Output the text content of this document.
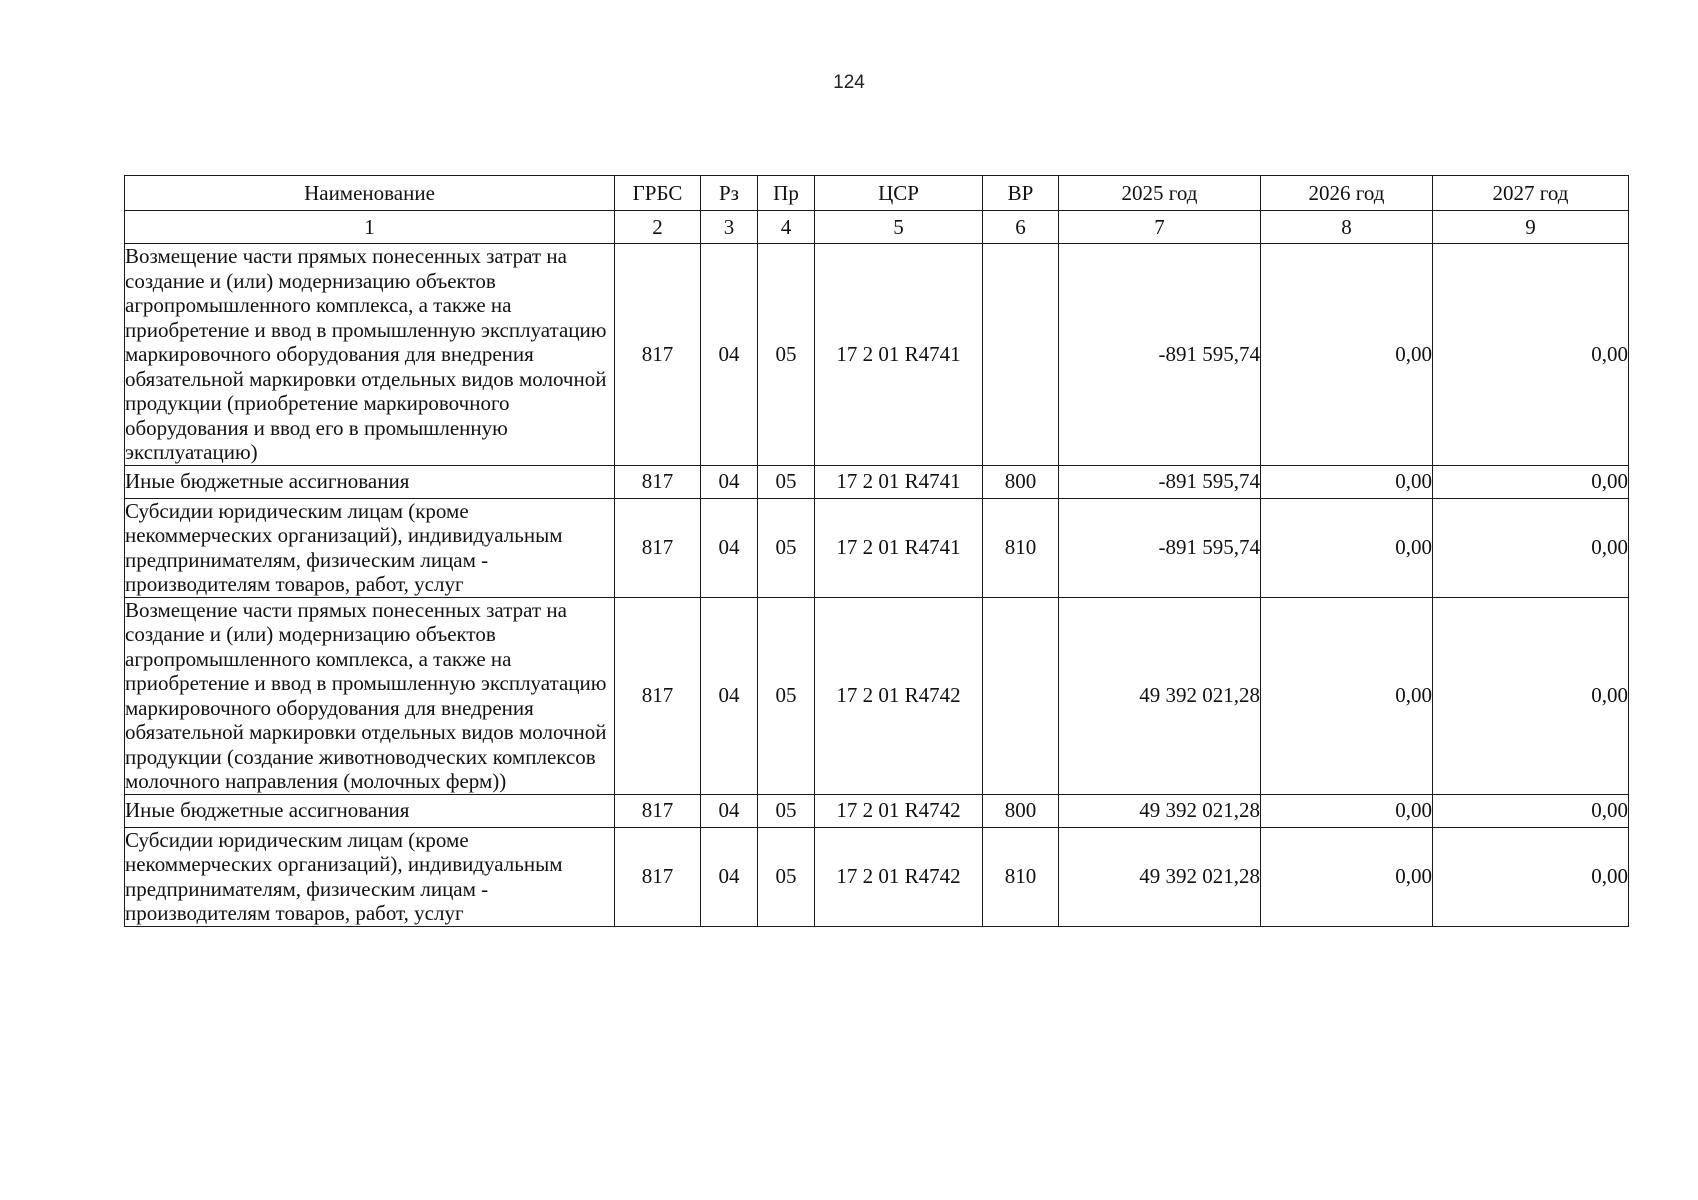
124
Наименование	ГРБС	Рз	Пр	ЦСР	ВР	2025 год	2026 год	2027 год
1	2	3	4	5	6	7	8	9
Возмещение части прямых понесенных затрат на создание и (или) модернизацию объектов агропромышленного комплекса, а также на приобретение и ввод в промышленную эксплуатацию маркировочного оборудования для внедрения обязательной маркировки отдельных видов молочной продукции (приобретение маркировочного оборудования и ввод его в промышленную эксплуатацию)	817	04	05	17 2 01 R4741		-891 595,74	0,00	0,00
Иные бюджетные ассигнования	817	04	05	17 2 01 R4741	800	-891 595,74	0,00	0,00
Субсидии юридическим лицам (кроме некоммерческих организаций), индивидуальным предпринимателям, физическим лицам - производителям товаров, работ, услуг	817	04	05	17 2 01 R4741	810	-891 595,74	0,00	0,00
Возмещение части прямых понесенных затрат на создание и (или) модернизацию объектов агропромышленного комплекса, а также на приобретение и ввод в промышленную эксплуатацию маркировочного оборудования для внедрения обязательной маркировки отдельных видов молочной продукции (создание животноводческих комплексов молочного направления (молочных ферм))	817	04	05	17 2 01 R4742		49 392 021,28	0,00	0,00
Иные бюджетные ассигнования	817	04	05	17 2 01 R4742	800	49 392 021,28	0,00	0,00
Субсидии юридическим лицам (кроме некоммерческих организаций), индивидуальным предпринимателям, физическим лицам - производителям товаров, работ, услуг	817	04	05	17 2 01 R4742	810	49 392 021,28	0,00	0,00
